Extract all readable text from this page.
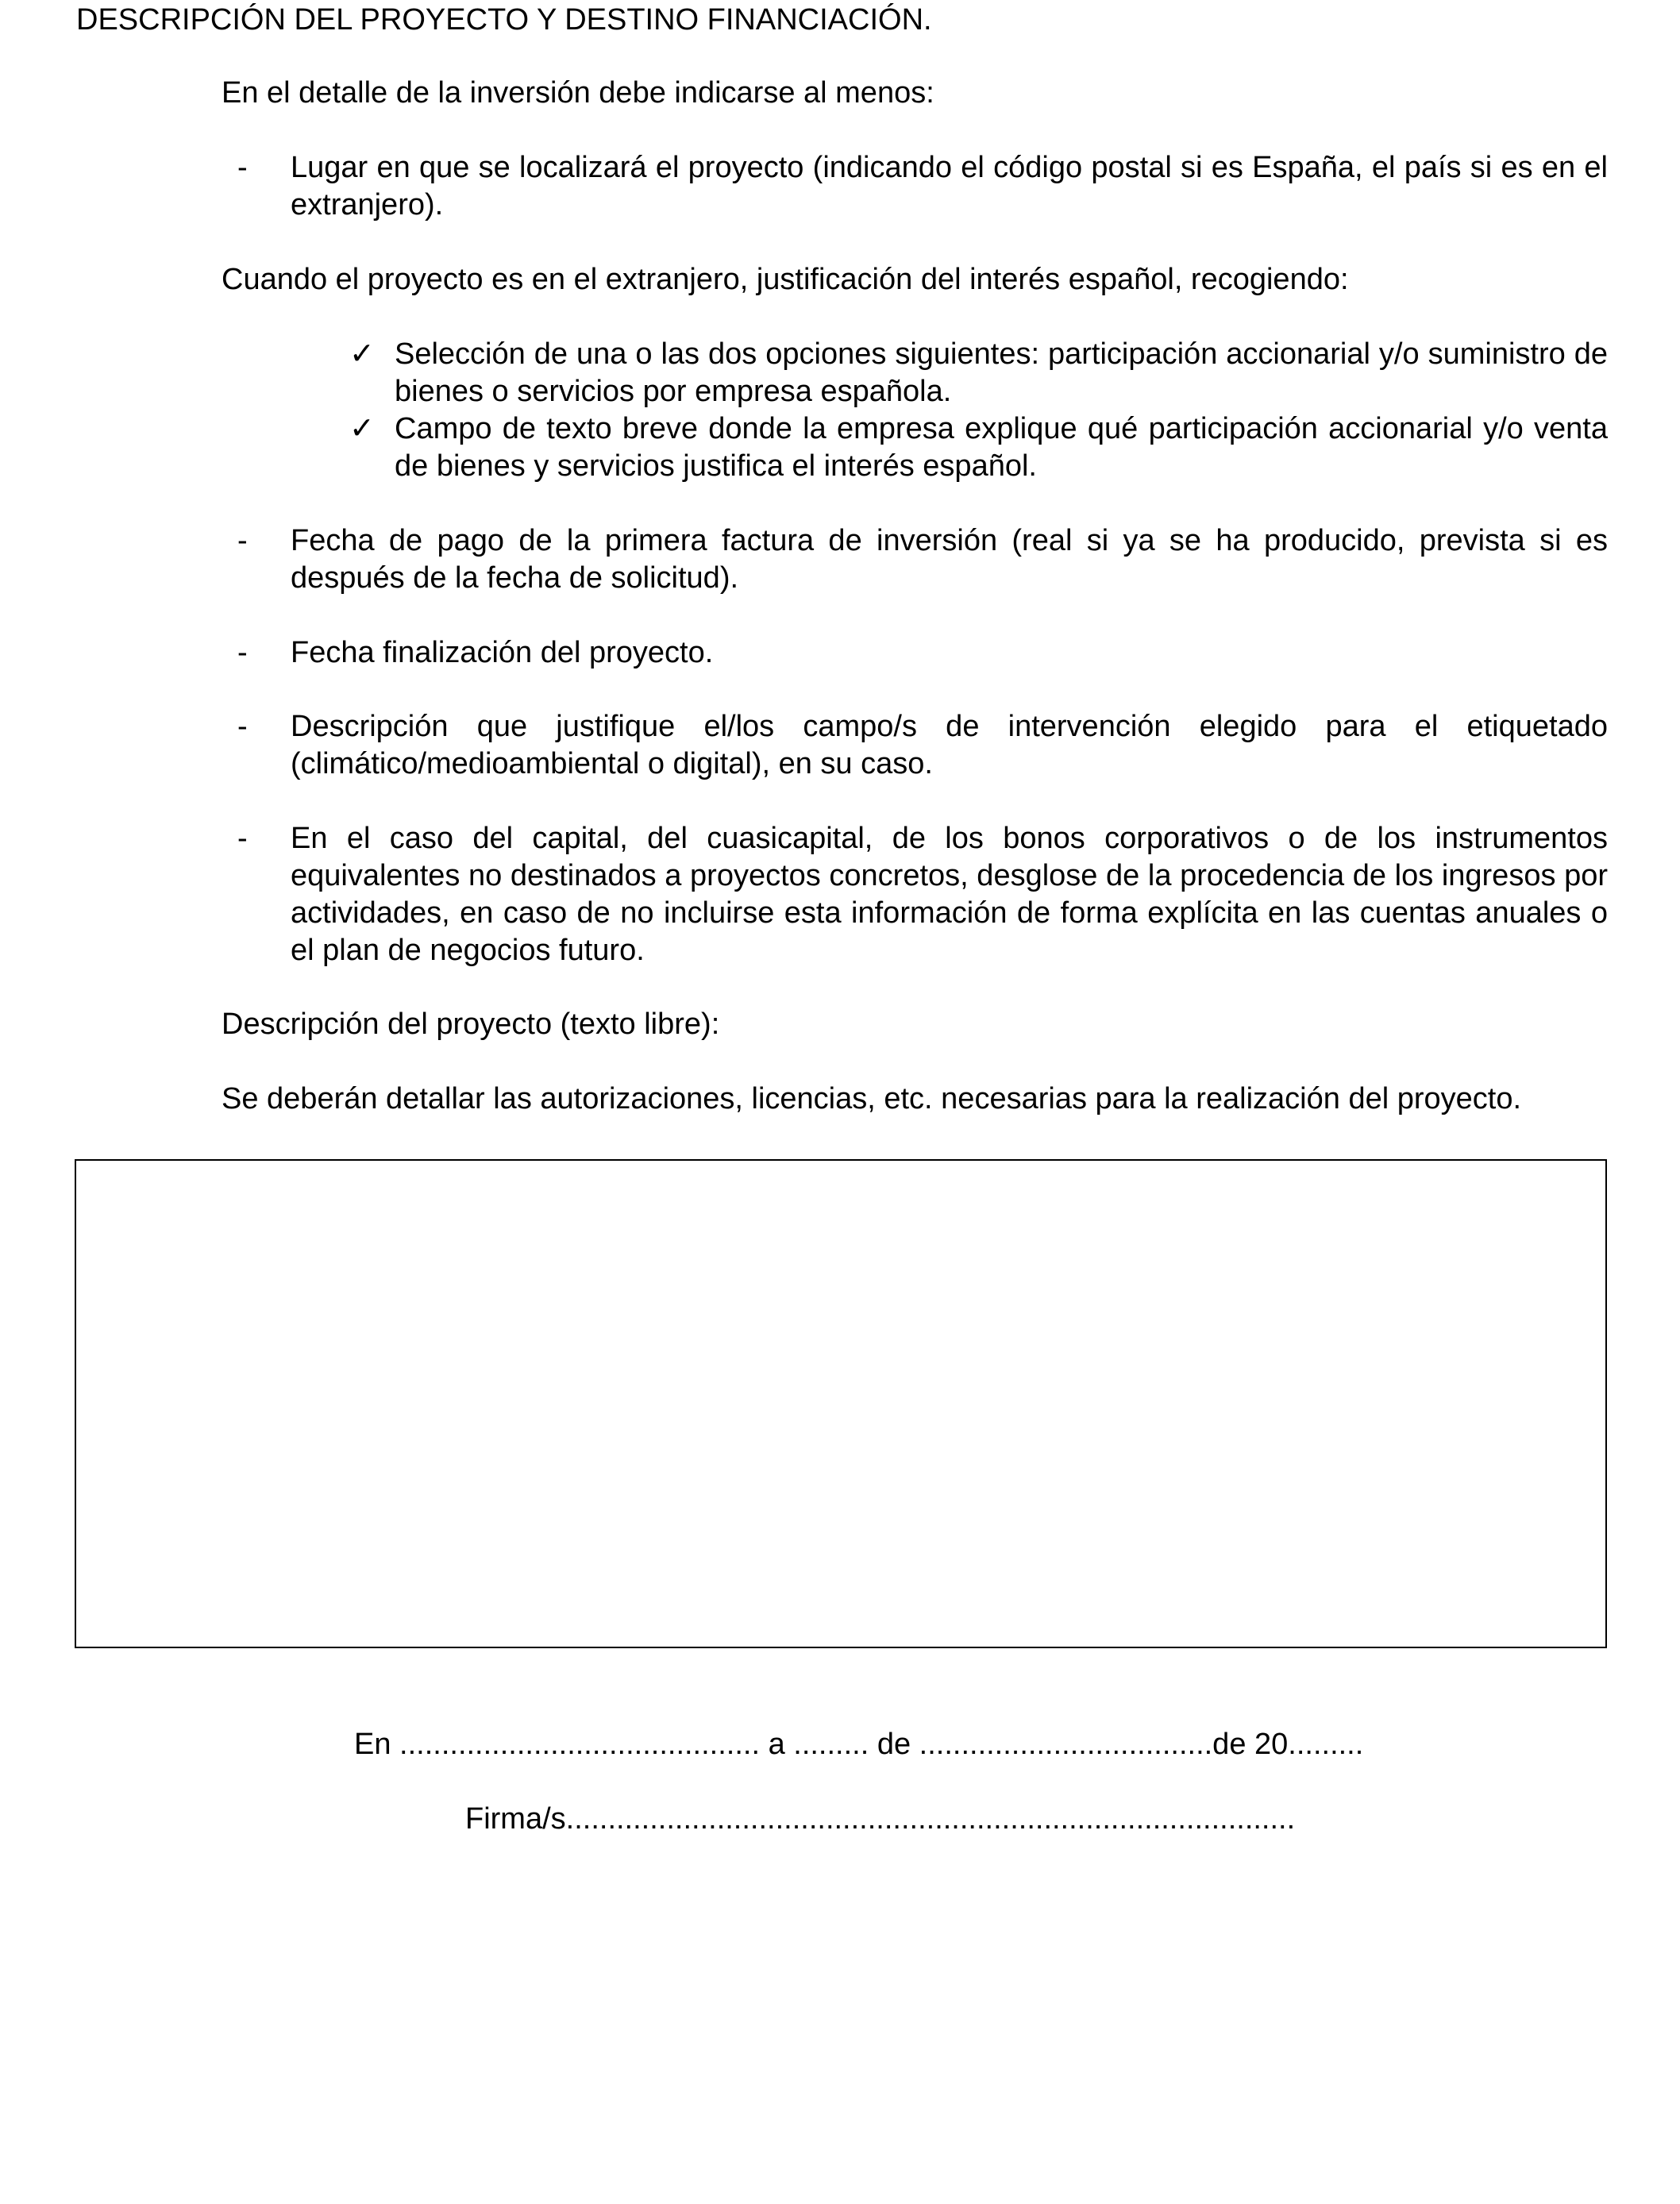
DESCRIPCIÓN DEL PROYECTO Y DESTINO FINANCIACIÓN.
En el detalle de la inversión debe indicarse al menos:
- Lugar en que se localizará el proyecto (indicando el código postal si es España, el país si es en el extranjero).
Cuando el proyecto es en el extranjero, justificación del interés español, recogiendo:
✓ Selección de una o las dos opciones siguientes: participación accionarial y/o suministro de bienes o servicios por empresa española.
✓ Campo de texto breve donde la empresa explique qué participación accionarial y/o venta de bienes y servicios justifica el interés español.
- Fecha de pago de la primera factura de inversión (real si ya se ha producido, prevista si es después de la fecha de solicitud).
- Fecha finalización del proyecto.
- Descripción que justifique el/los campo/s de intervención elegido para el etiquetado (climático/medioambiental o digital), en su caso.
- En el caso del capital, del cuasicapital, de los bonos corporativos o de los instrumentos equivalentes no destinados a proyectos concretos, desglose de la procedencia de los ingresos por actividades, en caso de no incluirse esta información de forma explícita en las cuentas anuales o el plan de negocios futuro.
Descripción del proyecto (texto libre):
Se deberán detallar las autorizaciones, licencias, etc. necesarias para la realización del proyecto.
En ........................................... a ......... de ...................................de 20.........
Firma/s.......................................................................................
